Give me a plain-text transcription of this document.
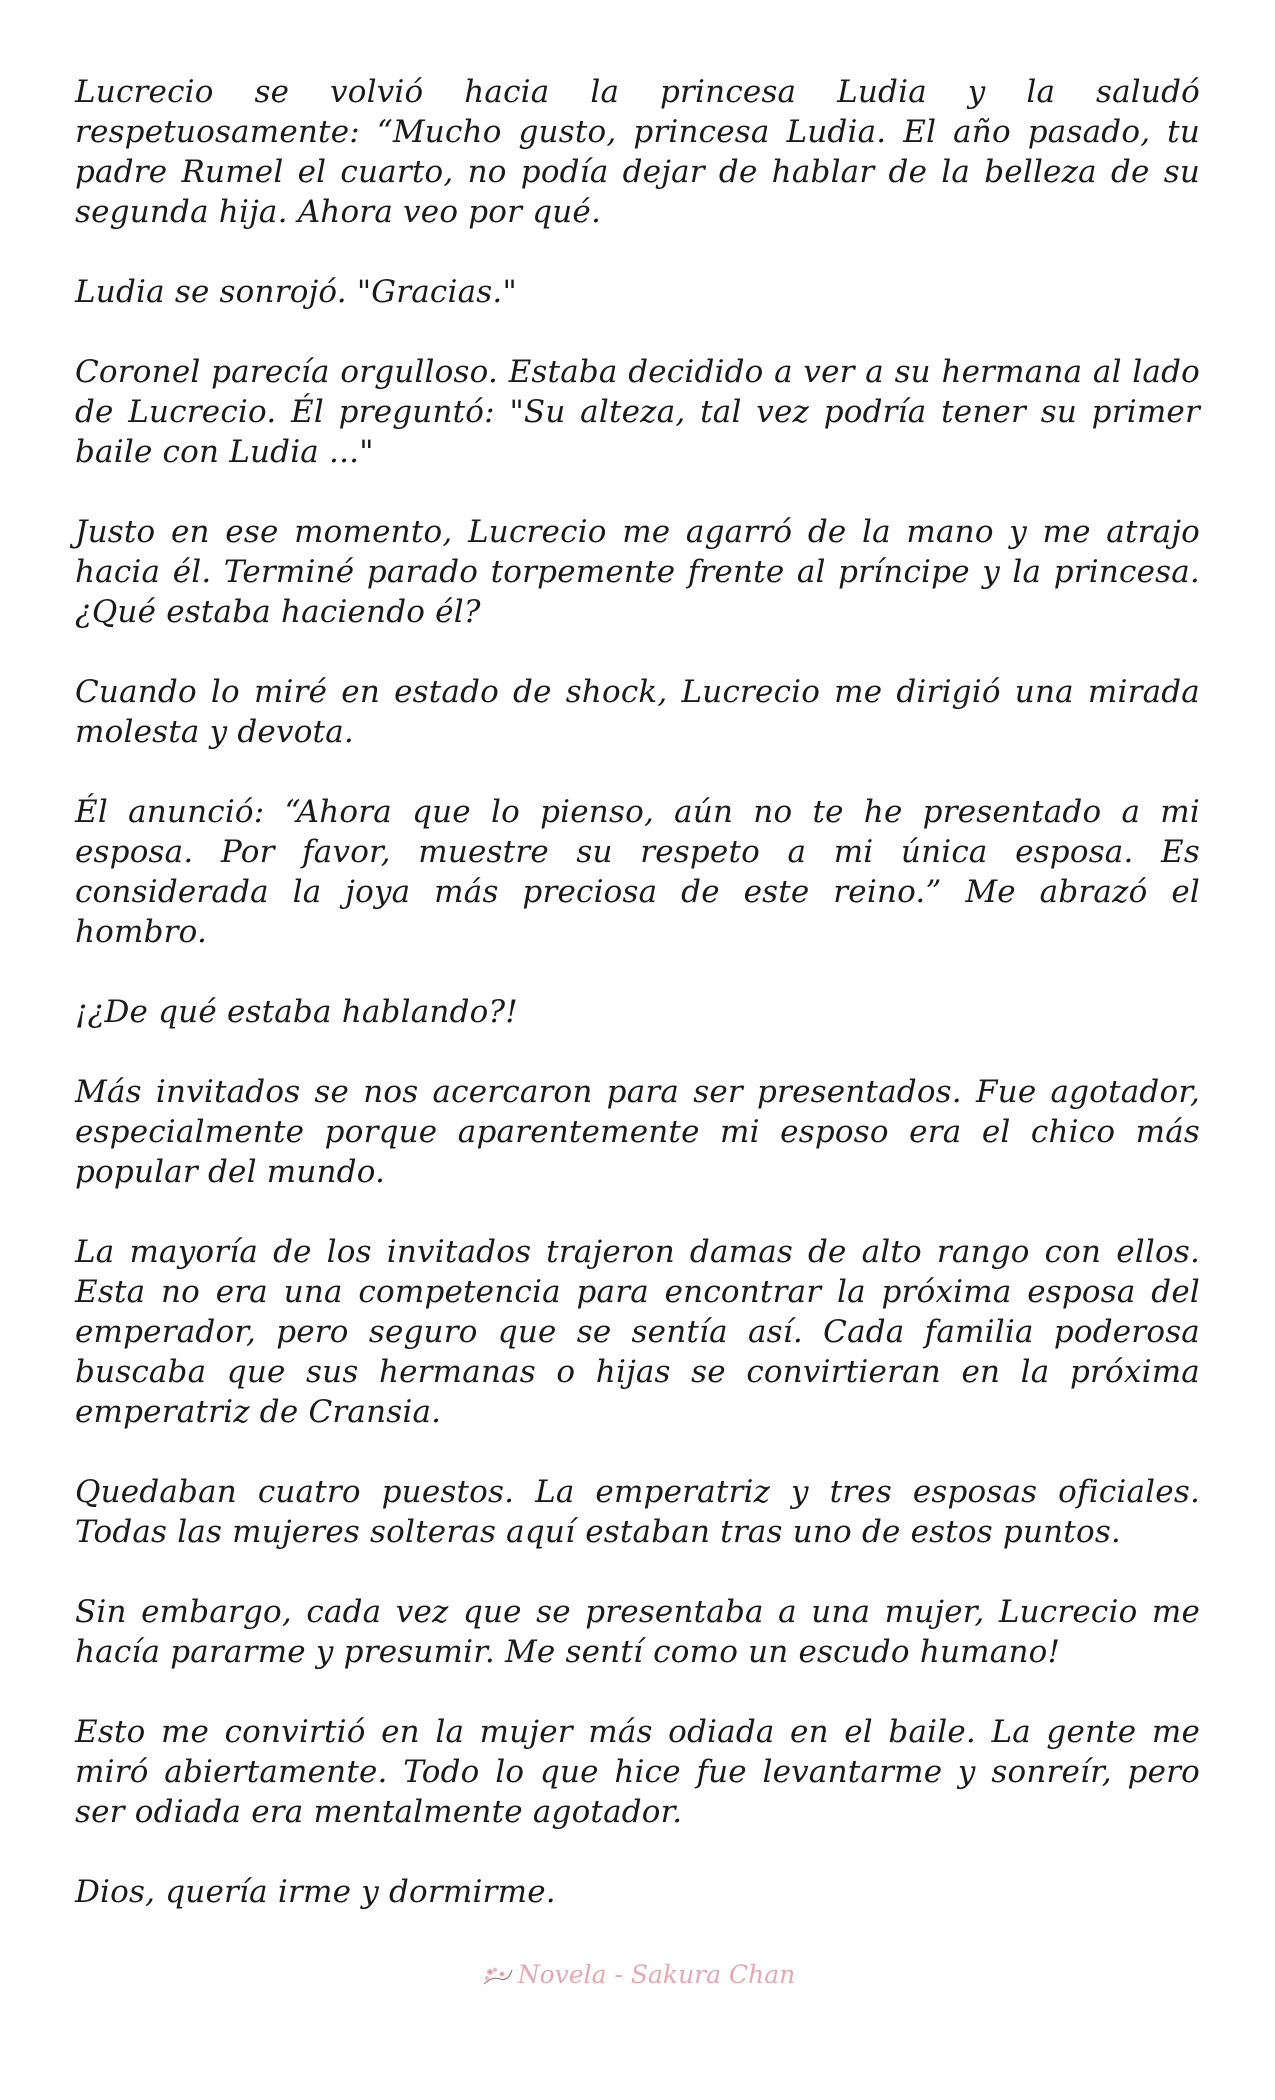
Lucrecio se volvió hacia la princesa Ludia y la saludó respetuosamente: “Mucho gusto, princesa Ludia. El año pasado, tu padre Rumel el cuarto, no podía dejar de hablar de la belleza de su segunda hija. Ahora veo por qué.

Ludia se sonrojó. "Gracias."

Coronel parecía orgulloso. Estaba decidido a ver a su hermana al lado de Lucrecio. Él preguntó: "Su alteza, tal vez podría tener su primer baile con Ludia ..."

Justo en ese momento, Lucrecio me agarró de la mano y me atrajo hacia él. Terminé parado torpemente frente al príncipe y la princesa. ¿Qué estaba haciendo él?

Cuando lo miré en estado de shock, Lucrecio me dirigió una mirada molesta y devota.

Él anunció: “Ahora que lo pienso, aún no te he presentado a mi esposa. Por favor, muestre su respeto a mi única esposa. Es considerada la joya más preciosa de este reino.” Me abrazó el hombro.

¡¿De qué estaba hablando?!

Más invitados se nos acercaron para ser presentados. Fue agotador, especialmente porque aparentemente mi esposo era el chico más popular del mundo.

La mayoría de los invitados trajeron damas de alto rango con ellos. Esta no era una competencia para encontrar la próxima esposa del emperador, pero seguro que se sentía así. Cada familia poderosa buscaba que sus hermanas o hijas se convirtieran en la próxima emperatriz de Cransia.

Quedaban cuatro puestos. La emperatriz y tres esposas oficiales. Todas las mujeres solteras aquí estaban tras uno de estos puntos.

Sin embargo, cada vez que se presentaba a una mujer, Lucrecio me hacía pararme y presumir. Me sentí como un escudo humano!

Esto me convirtió en la mujer más odiada en el baile. La gente me miró abiertamente. Todo lo que hice fue levantarme y sonreír, pero ser odiada era mentalmente agotador.

Dios, quería irme y dormirme.

Novela - Sakura Chan
